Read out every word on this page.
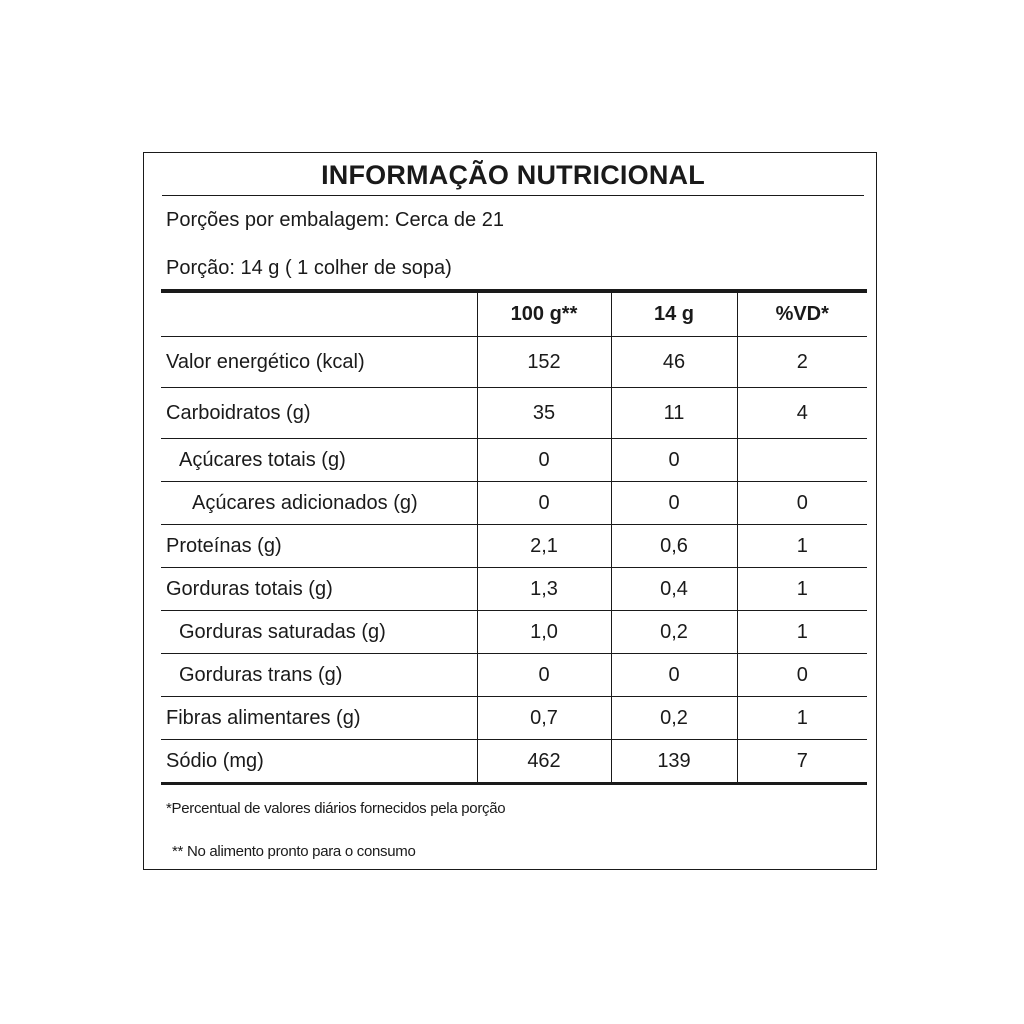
INFORMAÇÃO NUTRICIONAL
Porções por embalagem: Cerca de 21
Porção: 14 g ( 1 colher de sopa)
	100 g**	14 g	%VD*
Valor energético (kcal)	152	46	2
Carboidratos (g)	35	11	4
Açúcares totais (g)	0	0	
Açúcares adicionados (g)	0	0	0
Proteínas (g)	2,1	0,6	1
Gorduras totais (g)	1,3	0,4	1
Gorduras saturadas (g)	1,0	0,2	1
Gorduras trans (g)	0	0	0
Fibras alimentares (g)	0,7	0,2	1
Sódio (mg)	462	139	7
*Percentual de valores diários fornecidos pela porção
** No alimento pronto para o consumo
